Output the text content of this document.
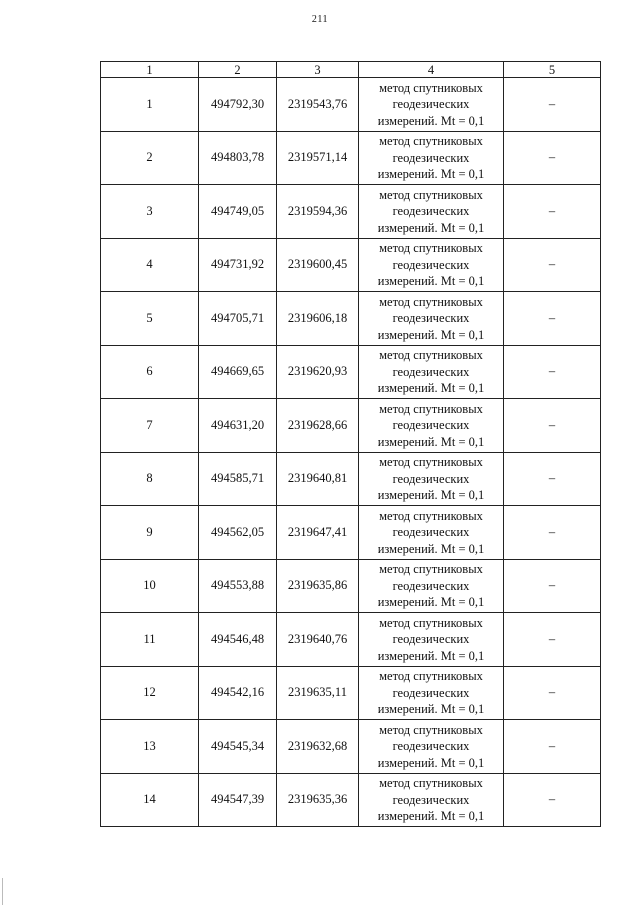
211
1	2	3	4	5
1	494792,30	2319543,76	метод спутниковых
геодезических
измерений. Mt = 0,1	–
2	494803,78	2319571,14	метод спутниковых
геодезических
измерений. Mt = 0,1	–
3	494749,05	2319594,36	метод спутниковых
геодезических
измерений. Mt = 0,1	–
4	494731,92	2319600,45	метод спутниковых
геодезических
измерений. Mt = 0,1	–
5	494705,71	2319606,18	метод спутниковых
геодезических
измерений. Mt = 0,1	–
6	494669,65	2319620,93	метод спутниковых
геодезических
измерений. Mt = 0,1	–
7	494631,20	2319628,66	метод спутниковых
геодезических
измерений. Mt = 0,1	–
8	494585,71	2319640,81	метод спутниковых
геодезических
измерений. Mt = 0,1	–
9	494562,05	2319647,41	метод спутниковых
геодезических
измерений. Mt = 0,1	–
10	494553,88	2319635,86	метод спутниковых
геодезических
измерений. Mt = 0,1	–
11	494546,48	2319640,76	метод спутниковых
геодезических
измерений. Mt = 0,1	–
12	494542,16	2319635,11	метод спутниковых
геодезических
измерений. Mt = 0,1	–
13	494545,34	2319632,68	метод спутниковых
геодезических
измерений. Mt = 0,1	–
14	494547,39	2319635,36	метод спутниковых
геодезических
измерений. Mt = 0,1	–
